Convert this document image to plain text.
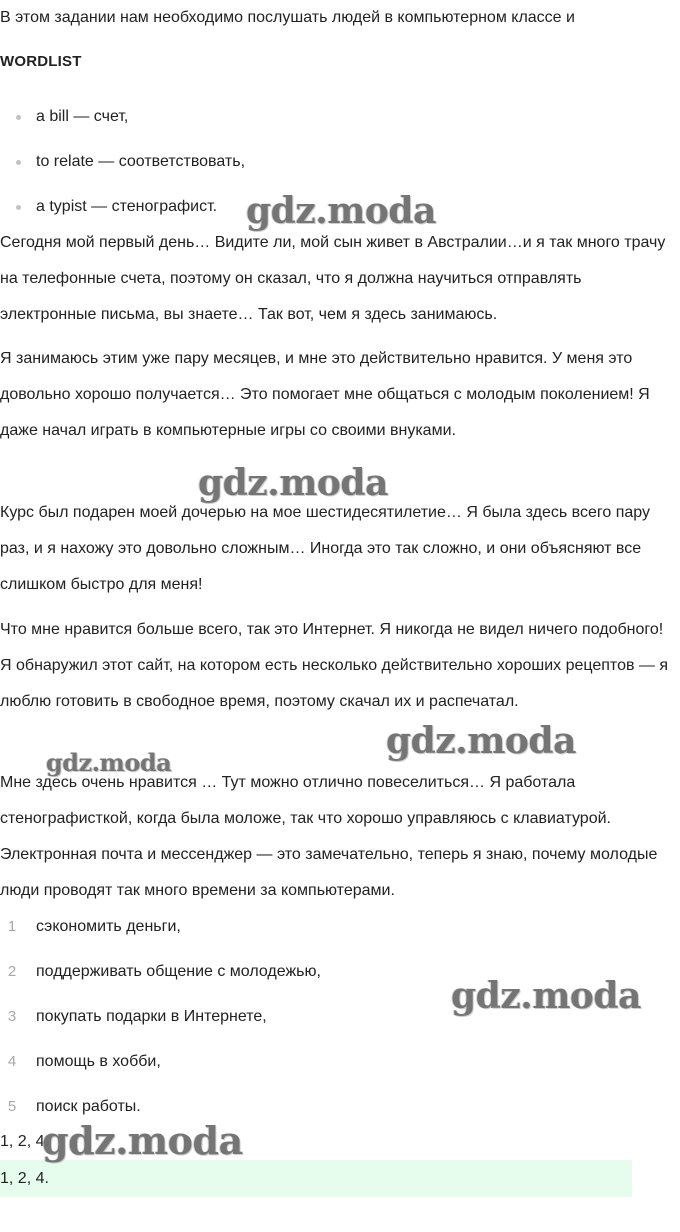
В этом задании нам необходимо послушать людей в компьютерном классе и

WORDLIST
a bill — счет,
to relate — соответствовать,
a typist — стенографист.

Сегодня мой первый день… Видите ли, мой сын живет в Австралии…и я так много трачу на телефонные счета, поэтому он сказал, что я должна научиться отправлять электронные письма, вы знаете… Так вот, чем я здесь занимаюсь.

Я занимаюсь этим уже пару месяцев, и мне это действительно нравится. У меня это довольно хорошо получается… Это помогает мне общаться с молодым поколением! Я даже начал играть в компьютерные игры со своими внуками.

Курс был подарен моей дочерью на мое шестидесятилетие… Я была здесь всего пару раз, и я нахожу это довольно сложным… Иногда это так сложно, и они объясняют все слишком быстро для меня!

Что мне нравится больше всего, так это Интернет. Я никогда не видел ничего подобного! Я обнаружил этот сайт, на котором есть несколько действительно хороших рецептов — я люблю готовить в свободное время, поэтому скачал их и распечатал.

Мне здесь очень нравится … Тут можно отлично повеселиться… Я работала стенографисткой, когда была моложе, так что хорошо управляюсь с клавиатурой. Электронная почта и мессенджер — это замечательно, теперь я знаю, почему молодые люди проводят так много времени за компьютерами.

1	сэкономить деньги,
2	поддерживать общение с молодежью,
3	покупать подарки в Интернете,
4	помощь в хобби,
5	поиск работы.
1, 2, 4.
1, 2, 4.
gdz.moda
gdz.moda
gdz.moda
gdz.moda
gdz.moda
gdz.moda
